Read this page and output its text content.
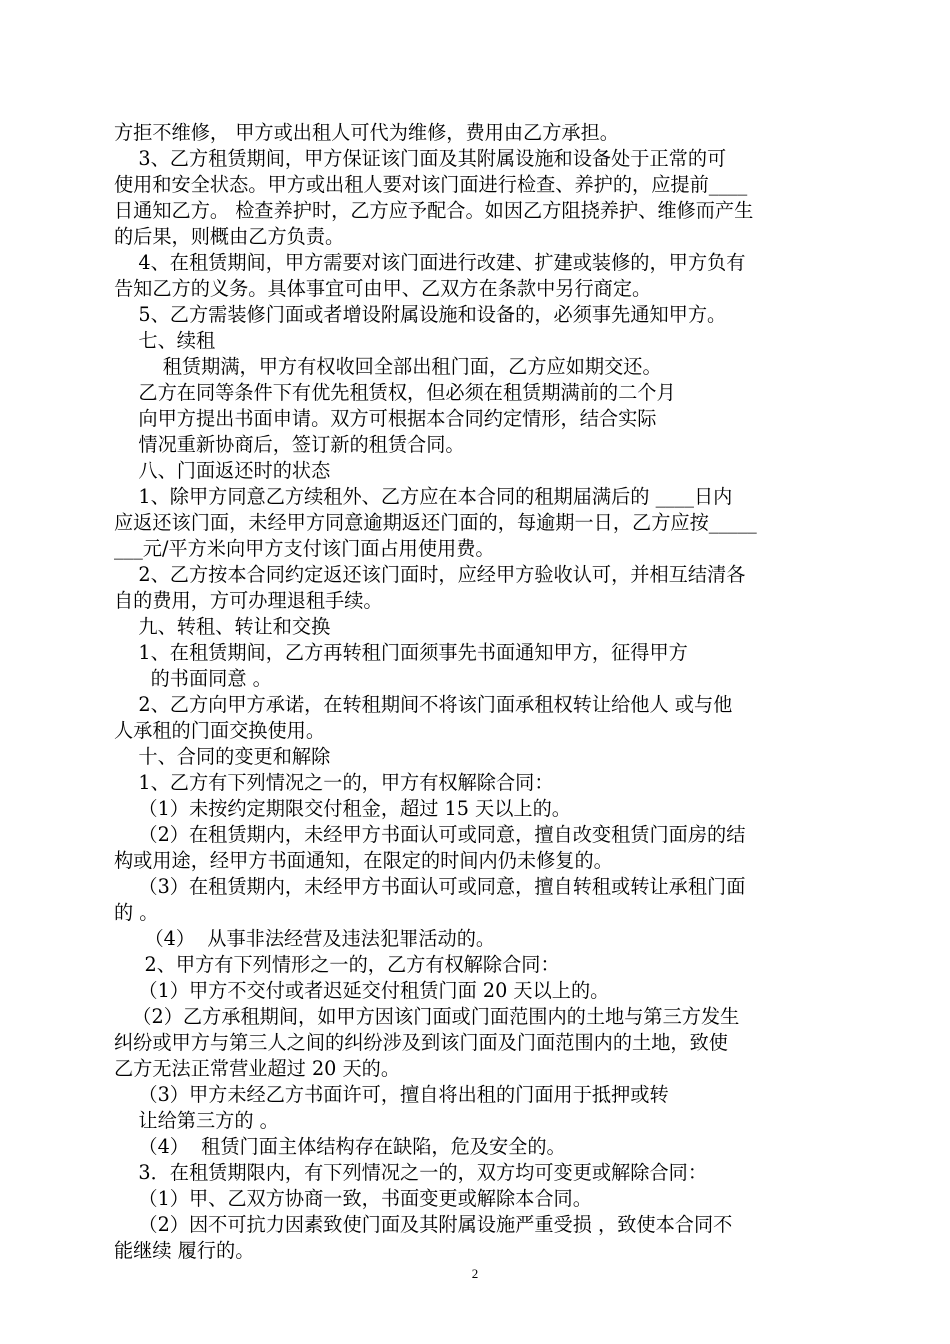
方拒不维修， 甲方或出租人可代为维修，费用由乙方承担。
3、乙方租赁期间，甲方保证该门面及其附属设施和设备处于正常的可
使用和安全状态。甲方或出租人要对该门面进行检查、养护的，应提前____
日通知乙方。 检查养护时，乙方应予配合。如因乙方阻挠养护、维修而产生
的后果，则概由乙方负责。
4、在租赁期间，甲方需要对该门面进行改建、扩建或装修的，甲方负有
告知乙方的义务。具体事宜可由甲、乙双方在条款中另行商定。
5、乙方需装修门面或者增设附属设施和设备的，必须事先通知甲方。
七、续租
租赁期满，甲方有权收回全部出租门面，乙方应如期交还。
乙方在同等条件下有优先租赁权，但必须在租赁期满前的二个月
向甲方提出书面申请。双方可根据本合同约定情形，结合实际
情况重新协商后，签订新的租赁合同。
八、门面返还时的状态
1、除甲方同意乙方续租外、乙方应在本合同的租期届满后的 ____日内
应返还该门面，未经甲方同意逾期返还门面的，每逾期一日，乙方应按_____
___元/平方米向甲方支付该门面占用使用费。
2、乙方按本合同约定返还该门面时，应经甲方验收认可，并相互结清各
自的费用，方可办理退租手续。
九、转租、转让和交换
1、在租赁期间，乙方再转租门面须事先书面通知甲方，征得甲方
的书面同意 。
2、乙方向甲方承诺，在转租期间不将该门面承租权转让给他人 或与他
人承租的门面交换使用。
十、合同的变更和解除
1、乙方有下列情况之一的，甲方有权解除合同：
（1）未按约定期限交付租金，超过 15 天以上的。
（2）在租赁期内，未经甲方书面认可或同意，擅自改变租赁门面房的结
构或用途，经甲方书面通知，在限定的时间内仍未修复的。
（3）在租赁期内，未经甲方书面认可或同意，擅自转租或转让承租门面
的 。
（4）  从事非法经营及违法犯罪活动的。
2、甲方有下列情形之一的，乙方有权解除合同：
（1）甲方不交付或者迟延交付租赁门面 20 天以上的。
（2）乙方承租期间，如甲方因该门面或门面范围内的土地与第三方发生
纠纷或甲方与第三人之间的纠纷涉及到该门面及门面范围内的土地，致使
乙方无法正常营业超过 20 天的。
（3）甲方未经乙方书面许可，擅自将出租的门面用于抵押或转
让给第三方的 。
（4）  租赁门面主体结构存在缺陷，危及安全的。
3．在租赁期限内，有下列情况之一的，双方均可变更或解除合同：
（1）甲、乙双方协商一致，书面变更或解除本合同。
（2）因不可抗力因素致使门面及其附属设施严重受损 ，致使本合同不
能继续 履行的。
2
